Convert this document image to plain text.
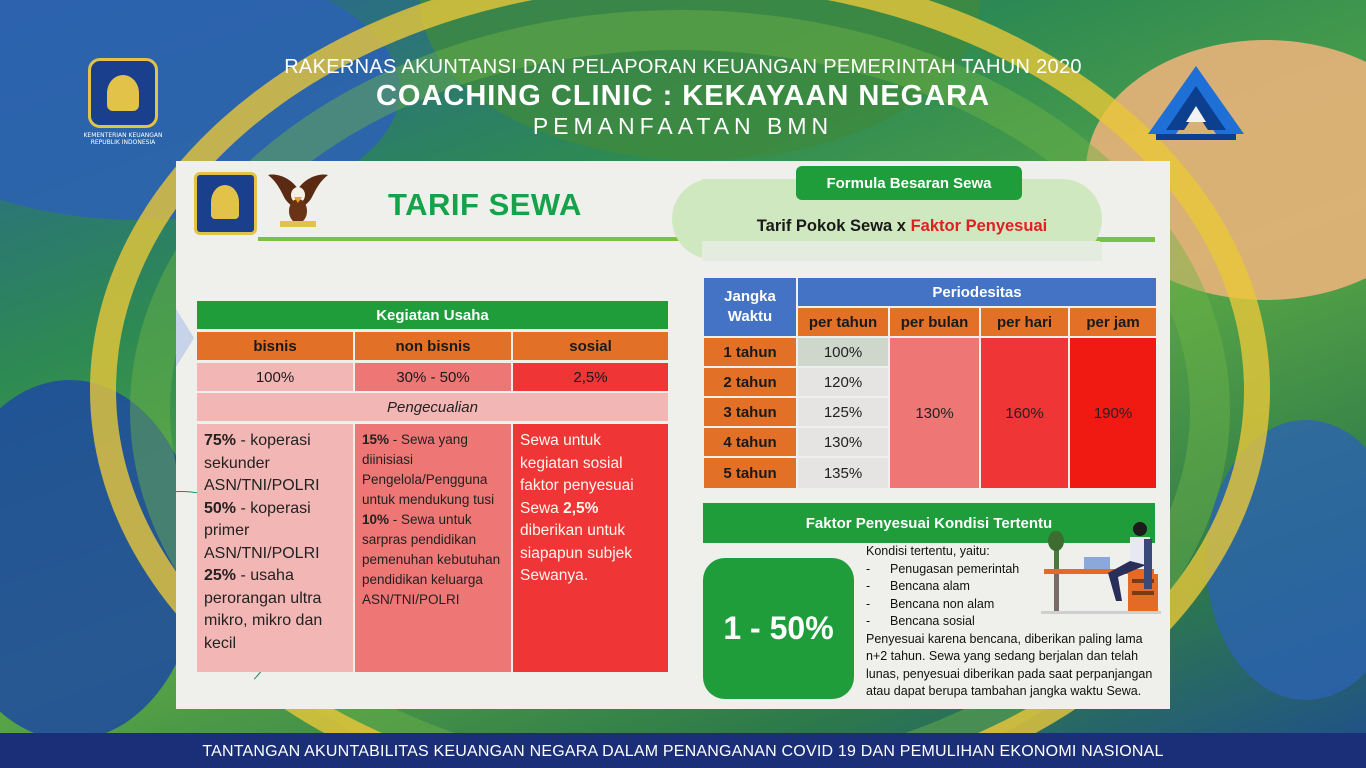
KEMENTERIAN KEUANGAN
REPUBLIK INDONESIA
RAKERNAS AKUNTANSI DAN PELAPORAN KEUANGAN PEMERINTAH TAHUN 2020
COACHING CLINIC : KEKAYAAN NEGARA
PEMANFAATAN BMN
TARIF SEWA
Kegiatan Usaha
bisnis	non bisnis	sosial
100%	30% - 50%	2,5%
Pengecualian
75% - koperasi sekunder ASN/TNI/POLRI
50% - koperasi primer ASN/TNI/POLRI
25% - usaha perorangan ultra mikro, mikro dan kecil
15% - Sewa yang diinisiasi Pengelola/Pengguna untuk mendukung tusi
10% - Sewa untuk sarpras pendidikan pemenuhan kebutuhan pendidikan keluarga ASN/TNI/POLRI
Sewa untuk kegiatan sosial faktor penyesuai Sewa 2,5% diberikan untuk siapapun subjek Sewanya.
Formula Besaran Sewa
Tarif Pokok Sewa x Faktor Penyesuai
Jangka
Waktu
Periodesitas
per tahun	per bulan	per hari	per jam
1 tahun	100%
2 tahun	120%
3 tahun	125%
4 tahun	130%
5 tahun	135%
130%	160%	190%
Faktor Penyesuai Kondisi Tertentu
1 - 50%
Kondisi tertentu, yaitu:
-	Penugasan pemerintah
-	Bencana alam
-	Bencana non alam
-	Bencana sosial
Penyesuai karena bencana, diberikan paling lama n+2 tahun. Sewa yang sedang berjalan dan telah lunas, penyesuai diberikan pada saat perpanjangan atau dapat berupa tambahan jangka waktu Sewa.
TANTANGAN AKUNTABILITAS KEUANGAN NEGARA DALAM PENANGANAN COVID 19 DAN PEMULIHAN EKONOMI NASIONAL
